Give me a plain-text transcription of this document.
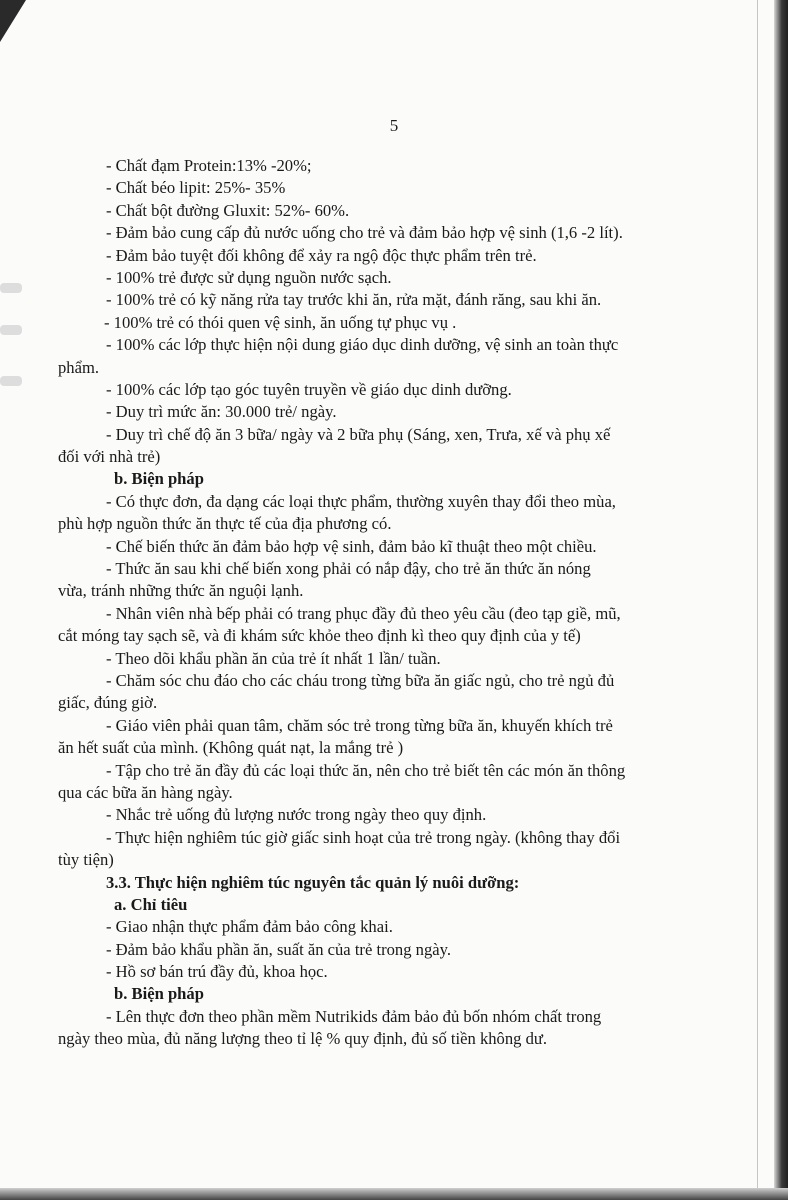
5
- Chất đạm Protein:13% -20%;
- Chất béo lipit: 25%- 35%
- Chất bột đường Gluxit: 52%- 60%.
- Đảm bảo cung cấp đủ nước uống cho trẻ và đảm bảo hợp vệ sinh (1,6 -2 lít).
- Đảm bảo tuyệt đối không để xảy ra ngộ độc thực phẩm trên trẻ.
- 100% trẻ được sử dụng nguồn nước sạch.
- 100% trẻ có kỹ năng rửa tay trước khi ăn, rửa mặt, đánh răng, sau khi ăn.
- 100% trẻ có thói quen vệ sinh, ăn uống tự phục vụ .
- 100% các lớp thực hiện nội dung giáo dục dinh dưỡng, vệ sinh an toàn thực
phẩm.
- 100% các lớp tạo góc tuyên truyền về giáo dục dinh dưỡng.
- Duy trì mức ăn: 30.000 trẻ/ ngày.
- Duy trì chế độ ăn 3 bữa/ ngày và 2 bữa phụ (Sáng, xen, Trưa, xế và phụ xế
đối với nhà trẻ)
b. Biện pháp
- Có thực đơn, đa dạng các loại thực phẩm, thường xuyên thay đổi theo mùa,
phù hợp nguồn thức ăn thực tế của địa phương có.
- Chế biến thức ăn đảm bảo hợp vệ sinh, đảm bảo kĩ thuật theo một chiều.
- Thức ăn sau khi chế biến xong phải có nắp đậy, cho trẻ ăn thức ăn nóng
vừa, tránh những thức ăn nguội lạnh.
- Nhân viên nhà bếp phải có trang phục đầy đủ theo yêu cầu (đeo tạp giề, mũ,
cắt móng tay sạch sẽ, và đi khám sức khỏe theo định kì theo quy định của y tế)
- Theo dõi khẩu phần ăn của trẻ ít nhất 1 lần/ tuần.
- Chăm sóc chu đáo cho các cháu trong từng bữa ăn giấc ngủ, cho trẻ ngủ đủ
giấc, đúng giờ.
- Giáo viên phải quan tâm, chăm sóc trẻ trong từng bữa ăn, khuyến khích trẻ
ăn hết suất của mình. (Không quát nạt, la mắng trẻ )
- Tập cho trẻ ăn đầy đủ các loại thức ăn, nên cho trẻ biết tên các món ăn thông
qua các bữa ăn hàng ngày.
- Nhắc trẻ uống đủ lượng nước trong ngày theo quy định.
- Thực hiện nghiêm túc giờ giấc sinh hoạt của trẻ trong ngày. (không thay đổi
tùy tiện)
3.3. Thực hiện nghiêm túc nguyên tắc quản lý nuôi dưỡng:
a. Chỉ tiêu
- Giao nhận thực phẩm đảm bảo công khai.
- Đảm bảo khẩu phần ăn, suất ăn của trẻ trong ngày.
- Hồ sơ bán trú đầy đủ, khoa học.
b. Biện pháp
- Lên thực đơn theo phần mềm Nutrikids đảm bảo đủ bốn nhóm chất trong
ngày theo mùa, đủ năng lượng theo tỉ lệ % quy định, đủ số tiền không dư.
